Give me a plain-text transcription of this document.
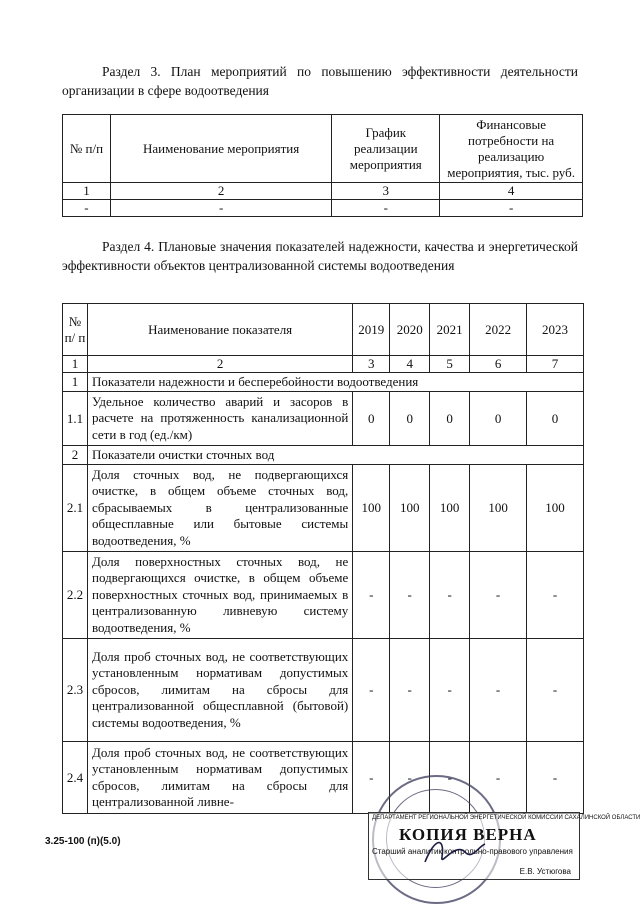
Раздел 3. План мероприятий по повышению эффективности деятельности организации в сфере водоотведения
№ п/п	Наименование мероприятия	График реализации мероприятия	Финансовые потребности на реализацию мероприятия, тыс. руб.
1	2	3	4
-	-	-	-
Раздел 4. Плановые значения показателей надежности, качества и энергетической эффективности объектов централизованной системы водоотведения
№ п/ п	Наименование показателя	2019	2020	2021	2022	2023
1	2	3	4	5	6	7
1	Показатели надежности и бесперебойности водоотведения					
1.1	Удельное количество аварий и засоров в расчете на протяженность канализационной сети в год (ед./км)	0	0	0	0	0
2	Показатели очистки сточных вод					
2.1	Доля сточных вод, не подвергающихся очистке, в общем объеме сточных вод, сбрасываемых в централизованные общесплавные или бытовые системы водоотведения, %	100	100	100	100	100
2.2	Доля поверхностных сточных вод, не подвергающихся очистке, в общем объеме поверхностных сточных вод, принимаемых в централизованную ливневую систему водоотведения, %	-	-	-	-	-
2.3	Доля проб сточных вод, не соответствующих установленным нормативам допустимых сбросов, лимитам на сбросы для централизованной общесплавной (бытовой) системы водоотведения, %	-	-	-	-	-
2.4	Доля проб сточных вод, не соответствующих установленным нормативам допустимых сбросов, лимитам на сбросы для централизованной ливне-	-	-	-	-	-
3.25-100 (п)(5.0)
ДЕПАРТАМЕНТ РЕГИОНАЛЬНОЙ ЭНЕРГЕТИЧЕСКОЙ КОМИССИИ САХАЛИНСКОЙ ОБЛАСТИ
КОПИЯ ВЕРНА
Старший аналитик контрольно-правового управления
Е.В. Устюгова
